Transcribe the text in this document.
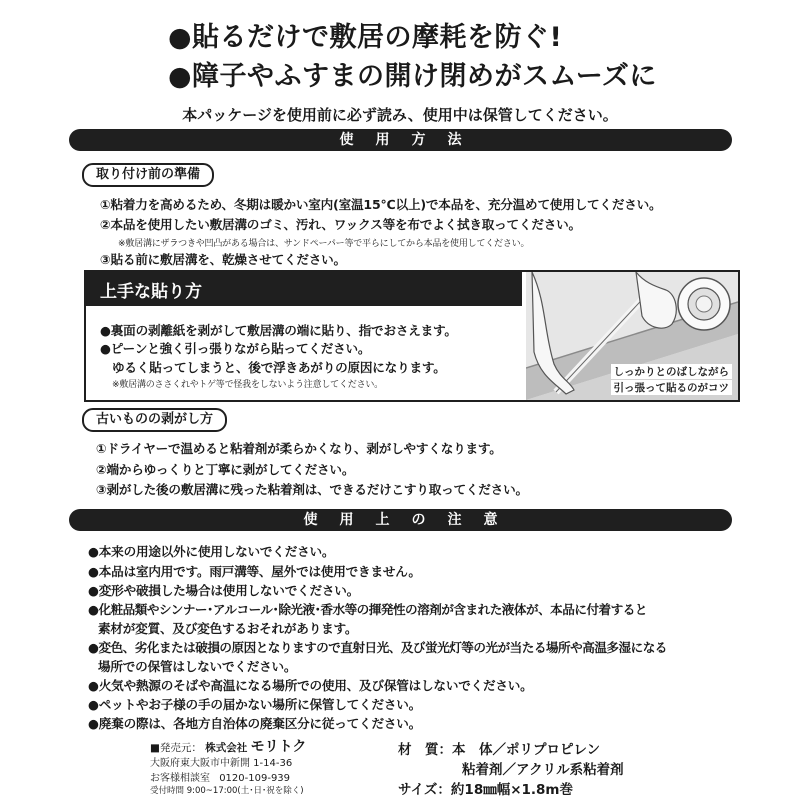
●貼るだけで敷居の摩耗を防ぐ!
●障子やふすまの開け閉めがスムーズに
本パッケージを使用前に必ず読み、使用中は保管してください。
使用方法
取り付け前の準備
①粘着力を高めるため、冬期は暖かい室内(室温15℃以上)で本品を、充分温めて使用してください。
②本品を使用したい敷居溝のゴミ、汚れ、ワックス等を布でよく拭き取ってください。
※敷居溝にザラつきや凹凸がある場合は、サンドペーパー等で平らにしてから本品を使用してください。
③貼る前に敷居溝を、乾燥させてください。
上手な貼り方
●裏面の剥離紙を剥がして敷居溝の端に貼り、指でおさえます。
●ピーンと強く引っ張りながら貼ってください。
ゆるく貼ってしまうと、後で浮きあがりの原因になります。
※敷居溝のささくれやトゲ等で怪我をしないよう注意してください。
しっかりとのばしながら
引っ張って貼るのがコツ
古いものの剥がし方
①ドライヤーで温めると粘着剤が柔らかくなり、剥がしやすくなります。
②端からゆっくりと丁寧に剥がしてください。
③剥がした後の敷居溝に残った粘着剤は、できるだけこすり取ってください。
使用上の注意
●本来の用途以外に使用しないでください。
●本品は室内用です。雨戸溝等、屋外では使用できません。
●変形や破損した場合は使用しないでください。
●化粧品類やシンナー･アルコール･除光液･香水等の揮発性の溶剤が含まれた液体が、本品に付着すると
素材が変質、及び変色するおそれがあります。
●変色、劣化または破損の原因となりますので直射日光、及び蛍光灯等の光が当たる場所や高温多湿になる
場所での保管はしないでください。
●火気や熱源のそばや高温になる場所での使用、及び保管はしないでください。
●ペットやお子様の手の届かない場所に保管してください。
●廃棄の際は、各地方自治体の廃棄区分に従ってください。
■発売元： 株式会社 モリトク
大阪府東大阪市中新開 1-14-36
お客様相談室 0120-109-939
受付時間 9:00~17:00(土･日･祝を除く)
材　質：本　体／ポリプロピレン
粘着剤／アクリル系粘着剤
サイズ：約18㎜幅×1.8m巻
